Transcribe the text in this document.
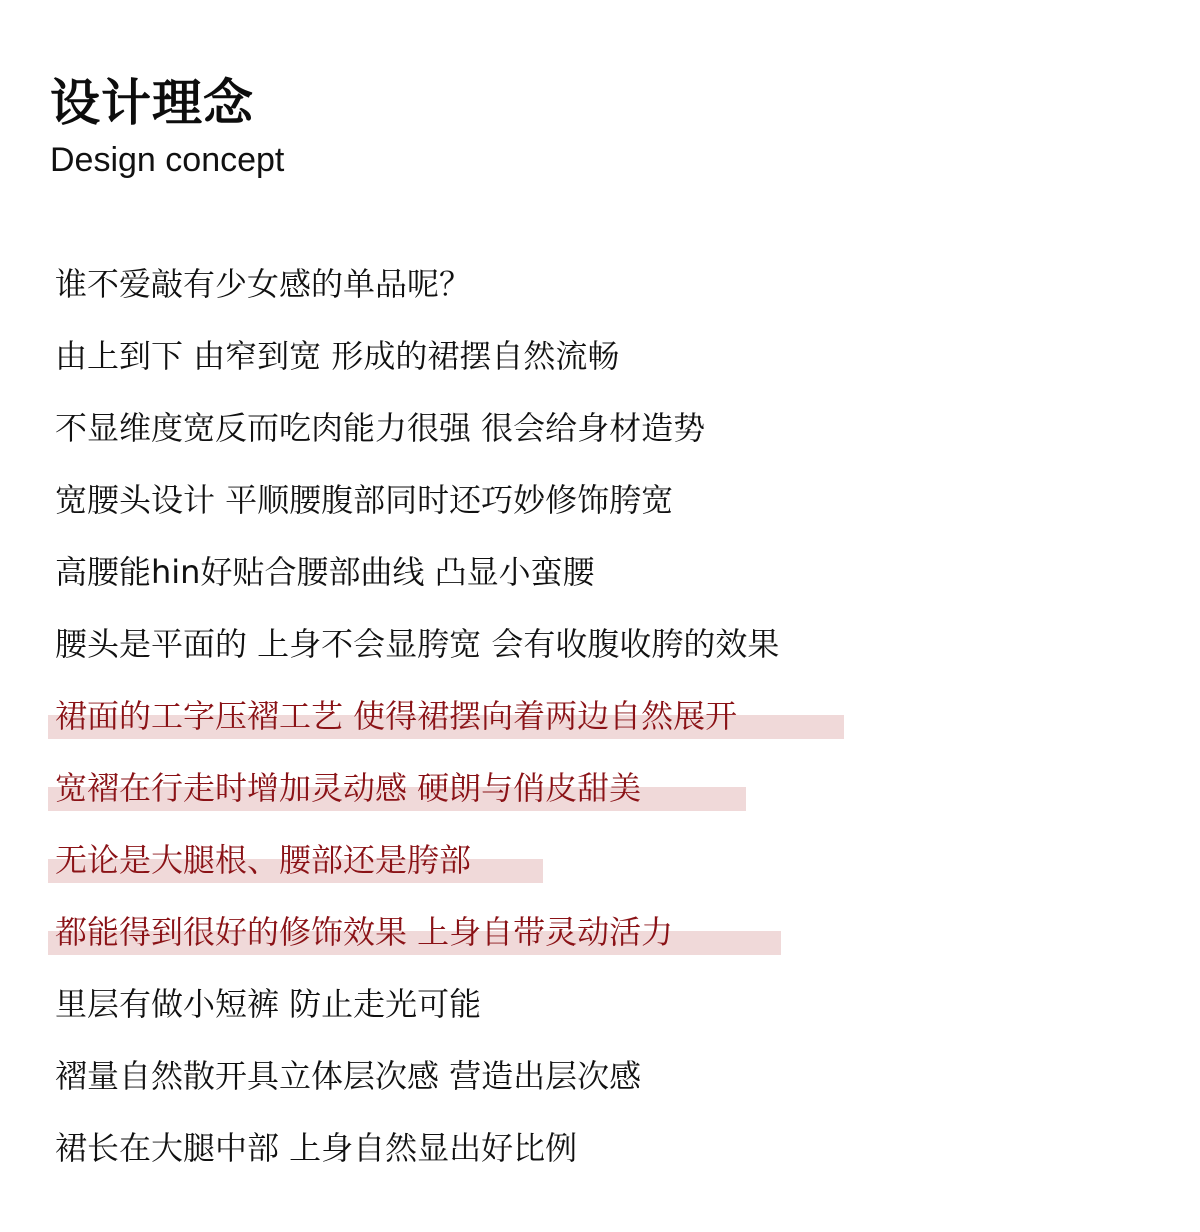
设计理念
Design concept
谁不爱敲有少女感的单品呢？
由上到下 由窄到宽 形成的裙摆自然流畅
不显维度宽反而吃肉能力很强 很会给身材造势
宽腰头设计 平顺腰腹部同时还巧妙修饰胯宽
高腰能hin好贴合腰部曲线 凸显小蛮腰
腰头是平面的 上身不会显胯宽 会有收腹收胯的效果
裙面的工字压褶工艺 使得裙摆向着两边自然展开
宽褶在行走时增加灵动感 硬朗与俏皮甜美
无论是大腿根、腰部还是胯部
都能得到很好的修饰效果 上身自带灵动活力
里层有做小短裤 防止走光可能
褶量自然散开具立体层次感 营造出层次感
裙长在大腿中部 上身自然显出好比例
